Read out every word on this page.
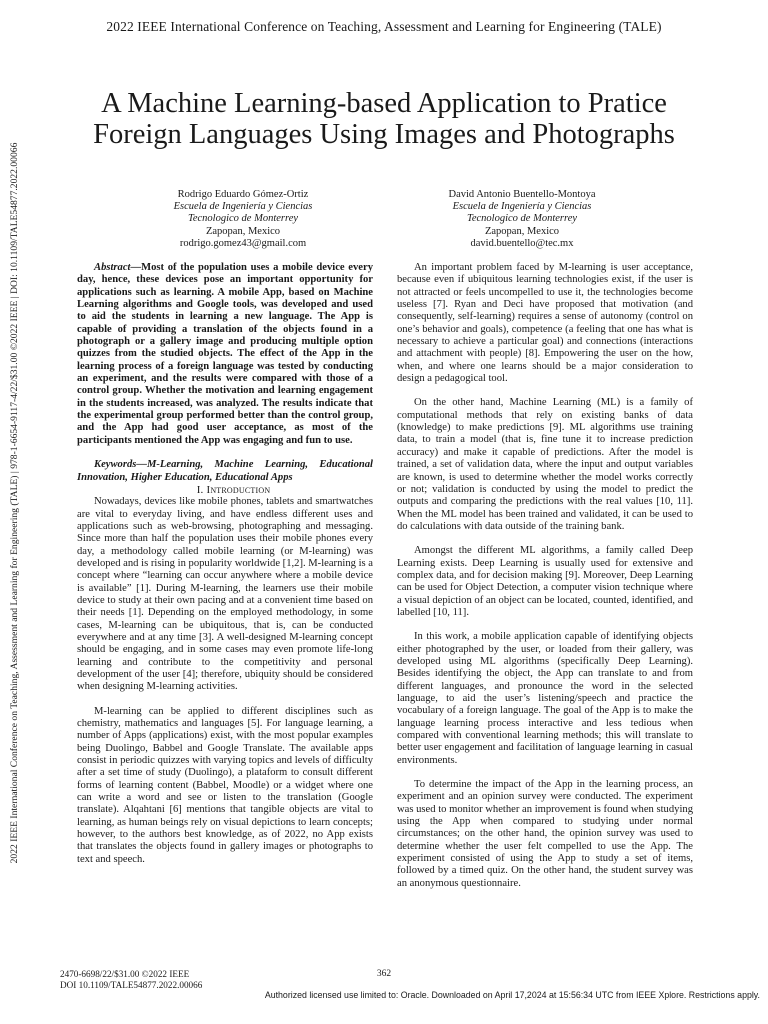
2022 IEEE International Conference on Teaching, Assessment and Learning for Engineering (TALE)
2022 IEEE International Conference on Teaching, Assessment and Learning for Engineering (TALE) | 978-1-6654-9117-4/22/$31.00 ©2022 IEEE | DOI: 10.1109/TALE54877.2022.00066
A Machine Learning-based Application to Pratice
Foreign Languages Using Images and Photographs
Rodrigo Eduardo Gómez-Ortiz
Escuela de Ingeniería y Ciencias
Tecnologico de Monterrey
Zapopan, Mexico
rodrigo.gomez43@gmail.com
David Antonio Buentello-Montoya
Escuela de Ingeniería y Ciencias
Tecnologico de Monterrey
Zapopan, Mexico
david.buentello@tec.mx

Abstract—Most of the population uses a mobile device every day, hence, these devices pose an important opportunity for applications such as learning. A mobile App, based on Machine Learning algorithms and Google tools, was developed and used to aid the students in learning a new language. The App is capable of providing a translation of the objects found in a photograph or a gallery image and producing multiple option quizzes from the studied objects. The effect of the App in the learning process of a foreign language was tested by conducting an experiment, and the results were compared with those of a control group. Whether the motivation and learning engagement in the students increased, was analyzed. The results indicate that the experimental group performed better than the control group, and the App had good user acceptance, as most of the participants mentioned the App was engaging and fun to use.

Keywords—M-Learning, Machine Learning, Educational Innovation, Higher Education, Educational Apps

I. Introduction

Nowadays, devices like mobile phones, tablets and smartwatches are vital to everyday living, and have endless different uses and applications such as web-browsing, photographing and messaging. Since more than half the population uses their mobile phones every day, a methodology called mobile learning (or M-learning) was developed and is rising in popularity worldwide [1,2]. M-learning is a concept where “learning can occur anywhere where a mobile device is available” [1]. During M-learning, the learners use their mobile device to study at their own pacing and at a convenient time based on their needs [1]. Depending on the employed methodology, in some cases, M-learning can be ubiquitous, that is, can be conducted everywhere and at any time [3]. A well-designed M-learning concept should be engaging, and in some cases may even promote life-long learning and contribute to the competitivity and personal development of the user [4]; therefore, ubiquity should be considered when designing M-learning activities.

M-learning can be applied to different disciplines such as chemistry, mathematics and languages [5]. For language learning, a number of Apps (applications) exist, with the most popular examples being Duolingo, Babbel and Google Translate. The available apps consist in periodic quizzes with varying topics and levels of difficulty after a set time of study (Duolingo), a plataform to consult different forms of learning content (Babbel, Moodle) or a widget where one can write a word and see or listen to the translation (Google translate). Alqahtani [6] mentions that tangible objects are vital to learning, as human beings rely on visual depictions to learn concepts; however, to the authors best knowledge, as of 2022, no App exists that translates the objects found in gallery images or photographs to text and speech.

An important problem faced by M-learning is user acceptance, because even if ubiquitous learning technologies exist, if the user is not attracted or feels uncompelled to use it, the technologies become useless [7]. Ryan and Deci have proposed that motivation (and consequently, self-learning) requires a sense of autonomy (control on one’s behavior and goals), competence (a feeling that one has what is necessary to achieve a particular goal) and connections (interactions and attachment with people) [8]. Empowering the user on the how, when, and where one learns should be a major consideration to design a pedagogical tool.

On the other hand, Machine Learning (ML) is a family of computational methods that rely on existing banks of data (knowledge) to make predictions [9]. ML algorithms use training data, to train a model (that is, fine tune it to increase prediction accuracy) and make it capable of predictions. After the model is trained, a set of validation data, where the input and output variables are known, is used to determine whether the model works correctly or not; validation is conducted by using the model to predict the outputs and comparing the predictions with the real values [10, 11]. When the ML model has been trained and validated, it can be used to do calculations with data outside of the training bank.

Amongst the different ML algorithms, a family called Deep Learning exists. Deep Learning is usually used for extensive and complex data, and for decision making [9]. Moreover, Deep Learning can be used for Object Detection, a computer vision technique where a visual depiction of an object can be located, counted, identified, and labelled [10, 11].

In this work, a mobile application capable of identifying objects either photographed by the user, or loaded from their gallery, was developed using ML algorithms (specifically Deep Learning). Besides identifying the object, the App can translate to and from different languages, and pronounce the word in the selected language, to aid the user’s listening/speech and practice the vocabulary of a foreign language. The goal of the App is to make the language learning process interactive and less tedious when compared with conventional learning methods; this will translate to better user engagement and facilitation of language learning in casual environments.

To determine the impact of the App in the learning process, an experiment and an opinion survey were conducted. The experiment was used to monitor whether an improvement is found when studying using the App when compared to studying under normal circumstances; on the other hand, the opinion survey was used to determine whether the user felt compelled to use the App. The experiment consisted of using the App to study a set of items, followed by a timed quiz. On the other hand, the student survey was an anonymous questionnaire.

2470-6698/22/$31.00 ©2022 IEEE
DOI 10.1109/TALE54877.2022.00066
362
Authorized licensed use limited to: Oracle. Downloaded on April 17,2024 at 15:56:34 UTC from IEEE Xplore. Restrictions apply.
